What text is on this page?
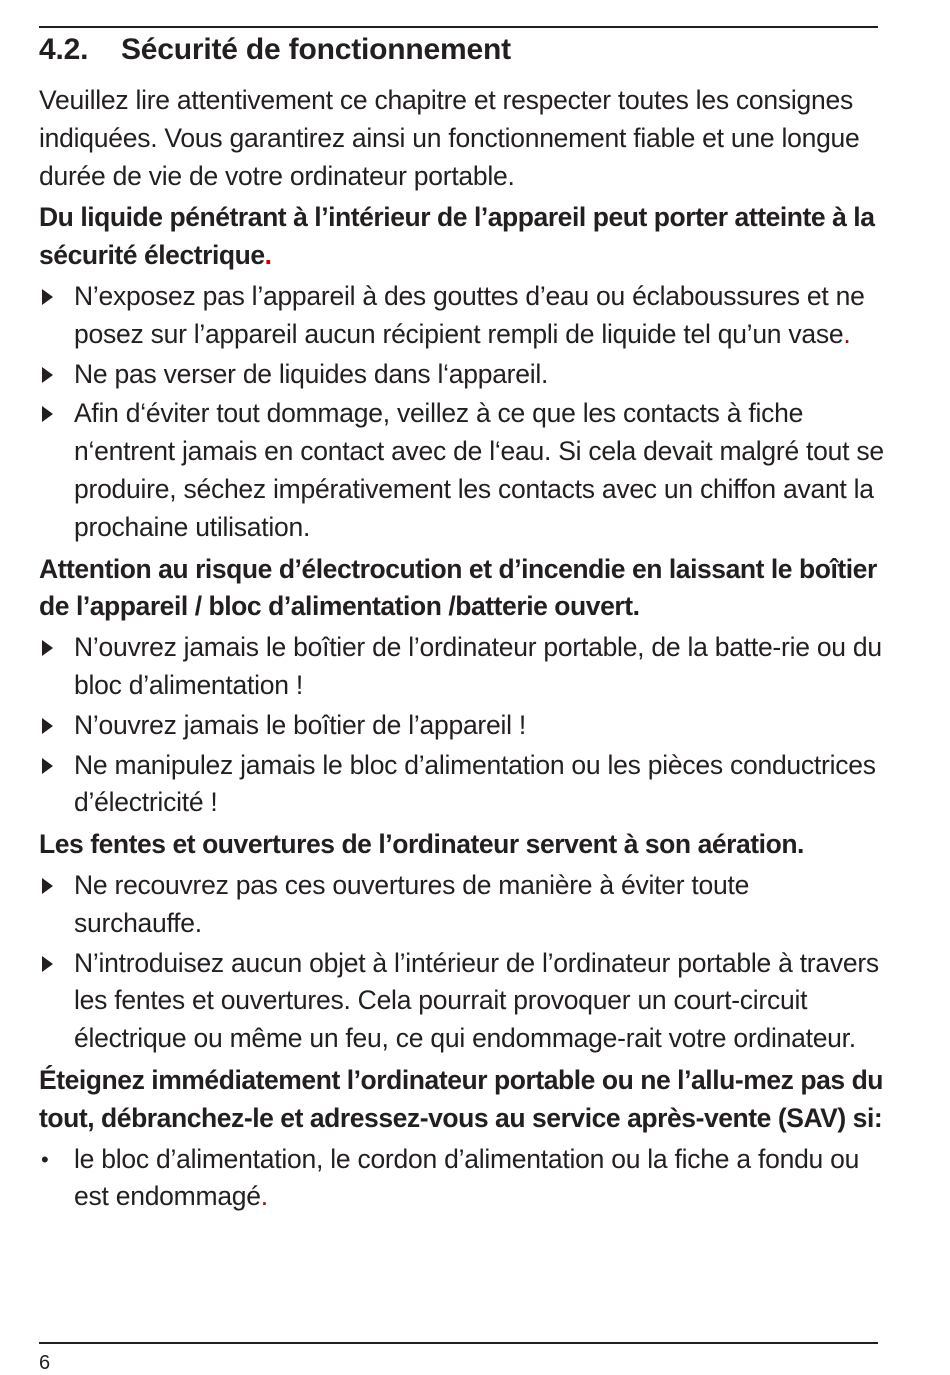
4.2. Sécurité de fonctionnement

Veuillez lire attentivement ce chapitre et respecter toutes les consignes indiquées. Vous garantirez ainsi un fonctionnement fiable et une longue durée de vie de votre ordinateur portable.

Du liquide pénétrant à l’intérieur de l’appareil peut porter atteinte à la sécurité électrique.

N’exposez pas l’appareil à des gouttes d’eau ou éclaboussures et ne posez sur l’appareil aucun récipient rempli de liquide tel qu’un vase.
Ne pas verser de liquides dans l‘appareil.
Afin d‘éviter tout dommage, veillez à ce que les contacts à fiche n‘entrent jamais en contact avec de l‘eau. Si cela devait malgré tout se produire, séchez impérativement les contacts avec un chiffon avant la prochaine utilisation.

Attention au risque d’électrocution et d’incendie en laissant le boîtier de l’appareil / bloc d’alimentation /batterie ouvert.

N’ouvrez jamais le boîtier de l’ordinateur portable, de la batte-rie ou du bloc d’alimentation !
N’ouvrez jamais le boîtier de l’appareil !
Ne manipulez jamais le bloc d’alimentation ou les pièces conductrices d’électricité !

Les fentes et ouvertures de l’ordinateur servent à son aération.

Ne recouvrez pas ces ouvertures de manière à éviter toute surchauffe.
N’introduisez aucun objet à l’intérieur de l’ordinateur portable à travers les fentes et ouvertures. Cela pourrait provoquer un court-circuit électrique ou même un feu, ce qui endommage-rait votre ordinateur.

Éteignez immédiatement l’ordinateur portable ou ne l’allu-mez pas du tout, débranchez-le et adressez-vous au service après-vente (SAV) si:

• le bloc d’alimentation, le cordon d’alimentation ou la fiche a fondu ou est endommagé.
6
